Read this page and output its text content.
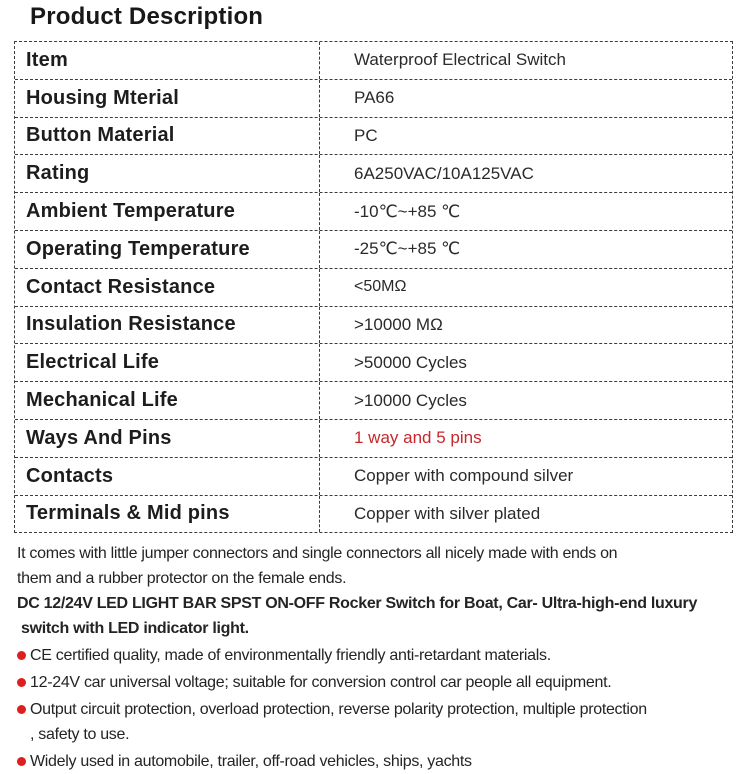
Product Description
Item	Waterproof Electrical Switch
Housing Mterial	PA66
Button Material	PC
Rating	6A250VAC/10A125VAC
Ambient Temperature	-10℃~+85 ℃
Operating Temperature	-25℃~+85 ℃
Contact Resistance	<50MΩ
Insulation Resistance	>10000 MΩ
Electrical Life	>50000 Cycles
Mechanical Life	>10000 Cycles
Ways And Pins	1 way and 5 pins
Contacts	Copper with compound silver
Terminals & Mid pins	Copper with silver plated
It comes with little jumper connectors and single connectors all nicely made with ends on
them and a rubber protector on the female ends.
DC 12/24V LED LIGHT BAR SPST ON-OFF Rocker Switch for Boat, Car- Ultra-high-end luxury
switch with LED indicator light.
CE certified quality, made of environmentally friendly anti-retardant materials.
12-24V car universal voltage; suitable for conversion control car people all equipment.
Output circuit protection, overload protection, reverse polarity protection, multiple protection
, safety to use.
Widely used in automobile, trailer, off-road vehicles, ships, yachts
